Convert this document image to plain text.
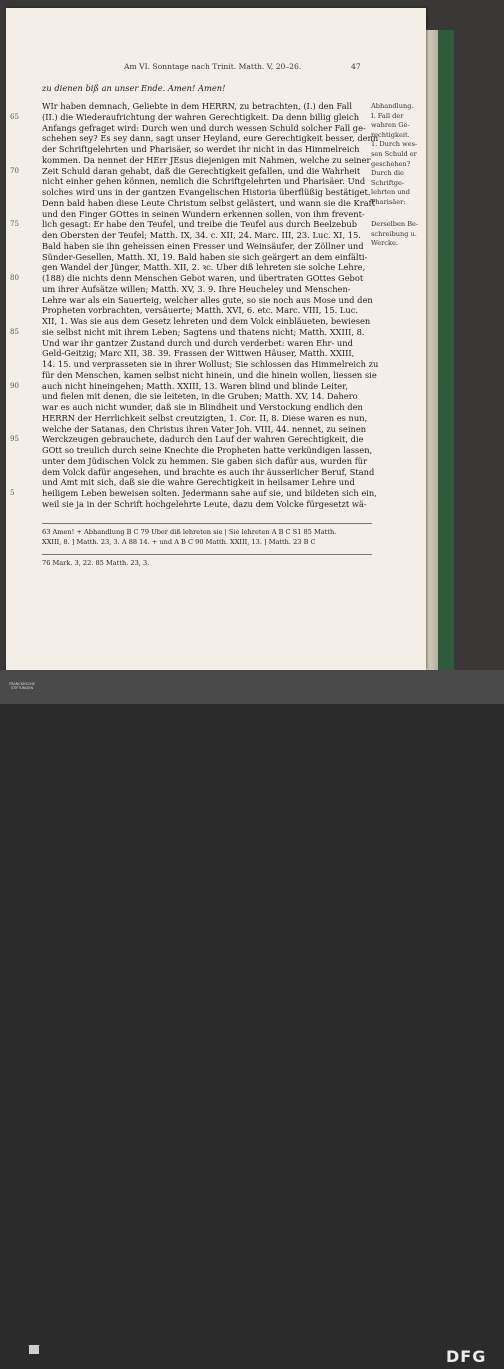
Am VI. Sonntage nach Trinit. Matth. V, 20–26.	47
zu dienen biß an unser Ende. Amen! Amen!
WIr haben demnach, Geliebte in dem HERRN, zu betrachten, (I.) den Fall
(II.) die Wiederaufrichtung der wahren Gerechtigkeit. Da denn billig gleich
Anfangs gefraget wird: Durch wen und durch wessen Schuld solcher Fall ge-
schehen sey? Es sey dann, sagt unser Heyland, eure Gerechtigkeit besser, denn
der Schriftgelehrten und Pharisäer, so werdet ihr nicht in das Himmelreich
kommen. Da nennet der HErr JEsus diejenigen mit Nahmen, welche zu seiner
Zeit Schuld daran gehabt, daß die Gerechtigkeit gefallen, und die Wahrheit
nicht einher gehen können, nemlich die Schriftgelehrten und Pharisäer. Und
solches wird uns in der gantzen Evangelischen Historia überflüßig bestätiget.
Denn bald haben diese Leute Christum selbst gelästert, und wann sie die Kraft
und den Finger GOttes in seinen Wundern erkennen sollen, von ihm frevent-
lich gesagt: Er habe den Teufel, und treibe die Teufel aus durch Beelzebub
den Obersten der Teufel; Matth. IX, 34. c. XII, 24. Marc. III, 23. Luc. XI, 15.
Bald haben sie ihn geheissen einen Fresser und Weinsäufer, der Zöllner und
Sünder-Gesellen, Matth. XI, 19. Bald haben sie sich geärgert an dem einfälti-
gen Wandel der Jünger, Matth. XII, 2. ꝛc. Uber diß lehreten sie solche Lehre,
(188) die nichts denn Menschen Gebot waren, und übertraten GOttes Gebot
um ihrer Aufsätze willen; Matth. XV, 3. 9. Ihre Heucheley und Menschen-
Lehre war als ein Sauerteig, welcher alles gute, so sie noch aus Mose und den
Propheten vorbrachten, versäuerte; Matth. XVI, 6. etc. Marc. VIII, 15. Luc.
XII, 1. Was sie aus dem Gesetz lehreten und dem Volck einbläueten, bewiesen
sie selbst nicht mit ihrem Leben; Sagtens und thatens nicht; Matth. XXIII, 8.
Und war ihr gantzer Zustand durch und durch verderbet: waren Ehr- und
Geld-Geitzig; Marc XII, 38. 39. Frassen der Wittwen Häuser, Matth. XXIII,
14. 15. und verprasseten sie in ihrer Wollust; Sie schlossen das Himmelreich zu
für den Menschen, kamen selbst nicht hinein, und die hinein wollen, liessen sie
auch nicht hineingehen; Matth. XXIII, 13. Waren blind und blinde Leiter,
und fielen mit denen, die sie leiteten, in die Gruben; Matth. XV, 14. Dahero
war es auch nicht wunder, daß sie in Blindheit und Verstockung endlich den
HERRN der Herrlichkeit selbst creutzigten, 1. Cor. II, 8. Diese waren es nun,
welche der Satanas, den Christus ihren Vater Joh. VIII, 44. nennet, zu seinen
Werckzeugen gebrauchete, dadurch den Lauf der wahren Gerechtigkeit, die
GOtt so treulich durch seine Knechte die Propheten hatte verkündigen lassen,
unter dem Jüdischen Volck zu hemmen. Sie gaben sich dafür aus, wurden für
dem Volck dafür angesehen, und brachte es auch ihr äusserlicher Beruf, Stand
und Amt mit sich, daß sie die wahre Gerechtigkeit in heilsamer Lehre und
heiligem Leben beweisen solten. Jedermann sahe auf sie, und bildeten sich ein,
weil sie ja in der Schrift hochgelehrte Leute, dazu dem Volcke fürgesetzt wä-
65
70
75
80
85
90
95
5
Abhandlung.
I. Fall der
wahren Ge-
rechtigkeit.
1. Durch wes-
sen Schuld er
geschehen?
Durch die
Schriftge-
lehrten und
Pharisäer:
Derselben Be-
schreibung u.
Wercke.
63 Amen! + Abhandlung B C 79 Uber diß lehreten sie | Sie lehreten A B C S1 85 Matth.
XXIII, 8. ] Matth. 23, 3. A 88 14. + und A B C 90 Matth. XXIII, 13. ] Matth. 23 B C
76 Mark. 3, 22. 85 Matth. 23, 3.
FRANCKESCHE STIFTUNGEN
DFG
